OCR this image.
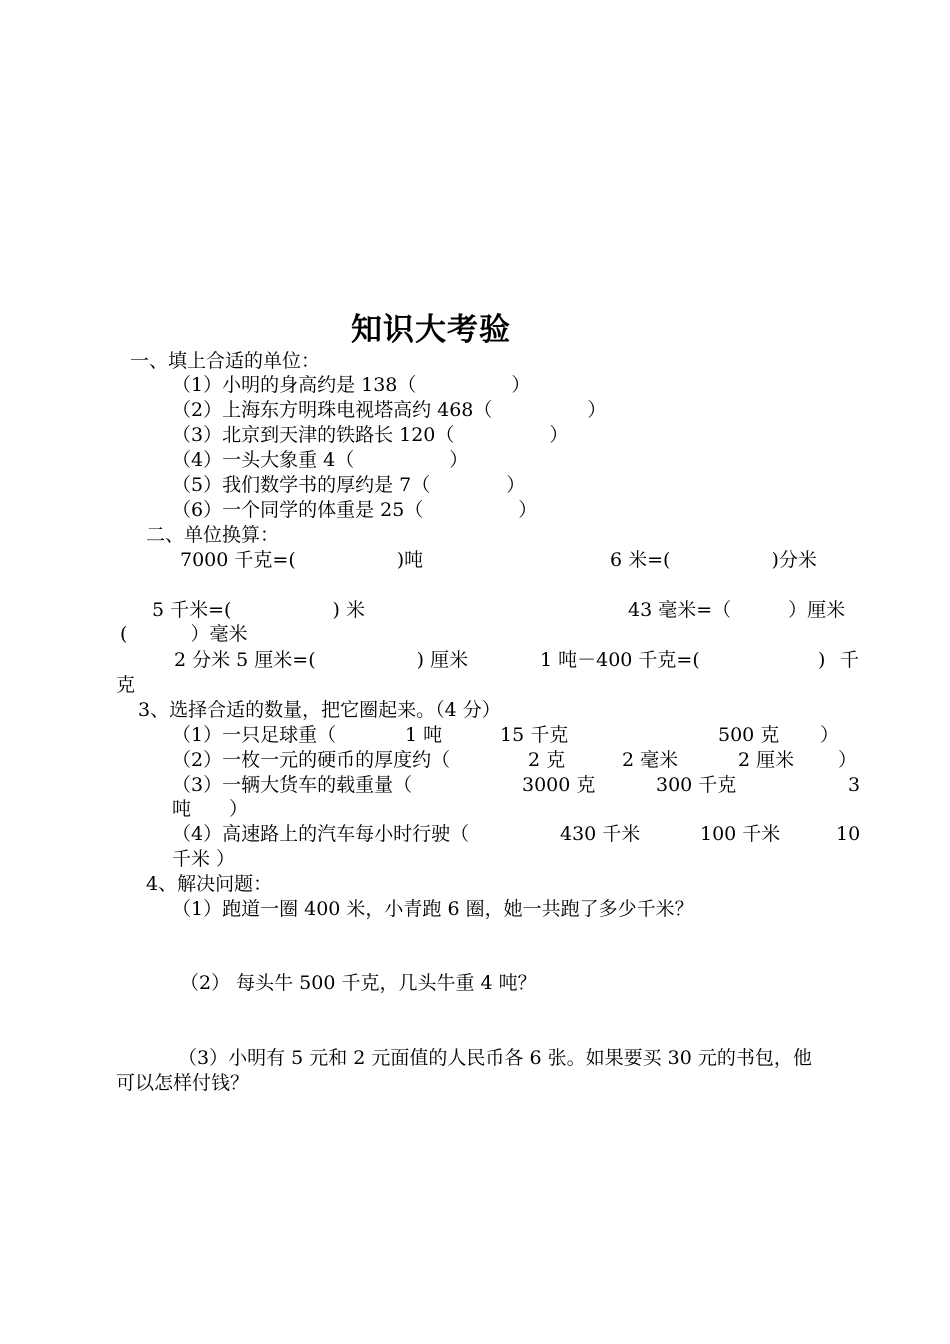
知识大考验
一、填上合适的单位：
（1）小明的身高约是 138（　　　　　）
（2）上海东方明珠电视塔高约 468（　　　　　）
（3）北京到天津的铁路长 120（　　　　　）
（4）一头大象重 4（　　　　　）
（5）我们数学书的厚约是 7（　　　　）
（6）一个同学的体重是 25（　　　　　）
二、单位换算：
7000 千克=(　　　　　 )吨	6 米=(　　　　　 )分米
5 千米=(　　　　　 ) 米	43 毫米=（　　　）厘米
(　　　 ）毫米
2 分米 5 厘米=(　　　　　 ) 厘米	1 吨－400 千克=(	) 千
克
3、选择合适的数量，把它圈起来。（4 分）
（1）一只足球重（	1 吨	15 千克	500 克 ）
（2）一枚一元的硬币的厚度约（	2 克	2 毫米	2 厘米 ）
（3）一辆大货车的载重量（	3000 克	300 千克	3
吨　　）
（4）高速路上的汽车每小时行驶（	430 千米	100 千米	10
千米 ）
4、解决问题：
（1）跑道一圈 400 米，小青跑 6 圈，她一共跑了多少千米？
（2） 每头牛 500 千克，几头牛重 4 吨？
（3）小明有 5 元和 2 元面值的人民币各 6 张。如果要买 30 元的书包，他
可以怎样付钱？
